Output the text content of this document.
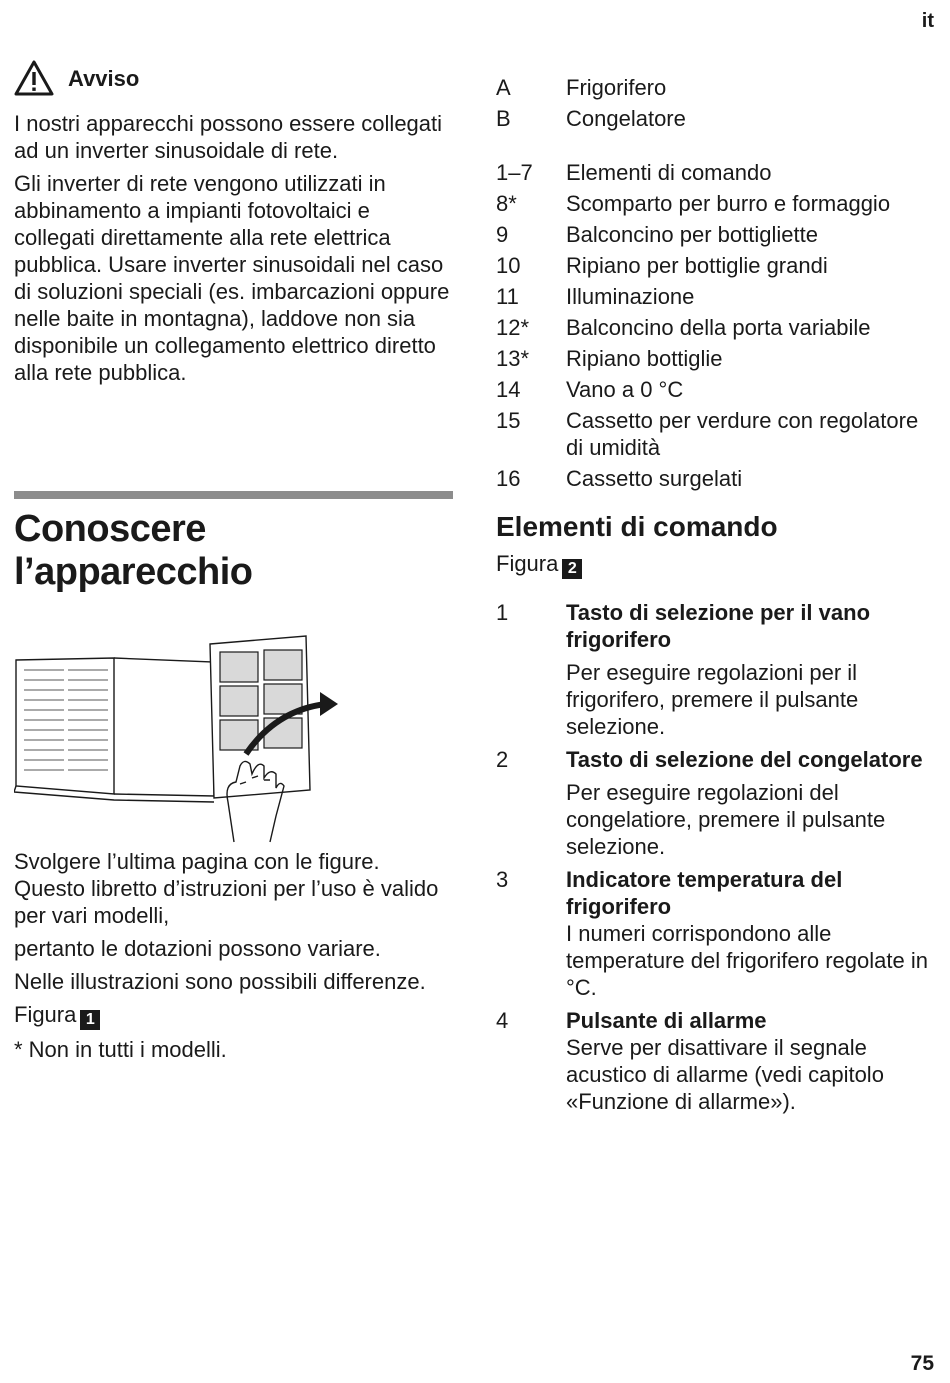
it
Avviso

I nostri apparecchi possono essere collegati ad un inverter sinusoidale di rete.

Gli inverter di rete vengono utilizzati in abbinamento a impianti fotovoltaici e collegati direttamente alla rete elettrica pubblica. Usare inverter sinusoidali nel caso di soluzioni speciali (es. imbarcazioni oppure nelle baite in montagna), laddove non sia disponibile un collegamento elettrico diretto alla rete pubblica.

Conoscere l’apparecchio

Svolgere l’ultima pagina con le figure. Questo libretto d’istruzioni per l’uso è valido per vari modelli,

pertanto le dotazioni possono variare.

Nelle illustrazioni sono possibili differenze.

Figura 1

* Non in tutti i modelli.

A	Frigorifero
B	Congelatore
1–7	Elementi di comando
8*	Scomparto per burro e formaggio
9	Balconcino per bottigliette
10	Ripiano per bottiglie grandi
11	Illuminazione
12*	Balconcino della porta variabile
13*	Ripiano bottiglie
14	Vano a 0 °C
15	Cassetto per verdure con regolatore di umidità
16	Cassetto surgelati
Elementi di comando
Figura 2
1	Tasto di selezione per il vano frigorifero
Per eseguire regolazioni per il frigorifero, premere il pulsante selezione.
2	Tasto di selezione del congelatore
Per eseguire regolazioni del congelatiore, premere il pulsante selezione.
3	Indicatore temperatura del frigorifero
I numeri corrispondono alle temperature del frigorifero regolate in °C.
4	Pulsante di allarme
Serve per disattivare il segnale acustico di allarme (vedi capitolo «Funzione di allarme»).
75
